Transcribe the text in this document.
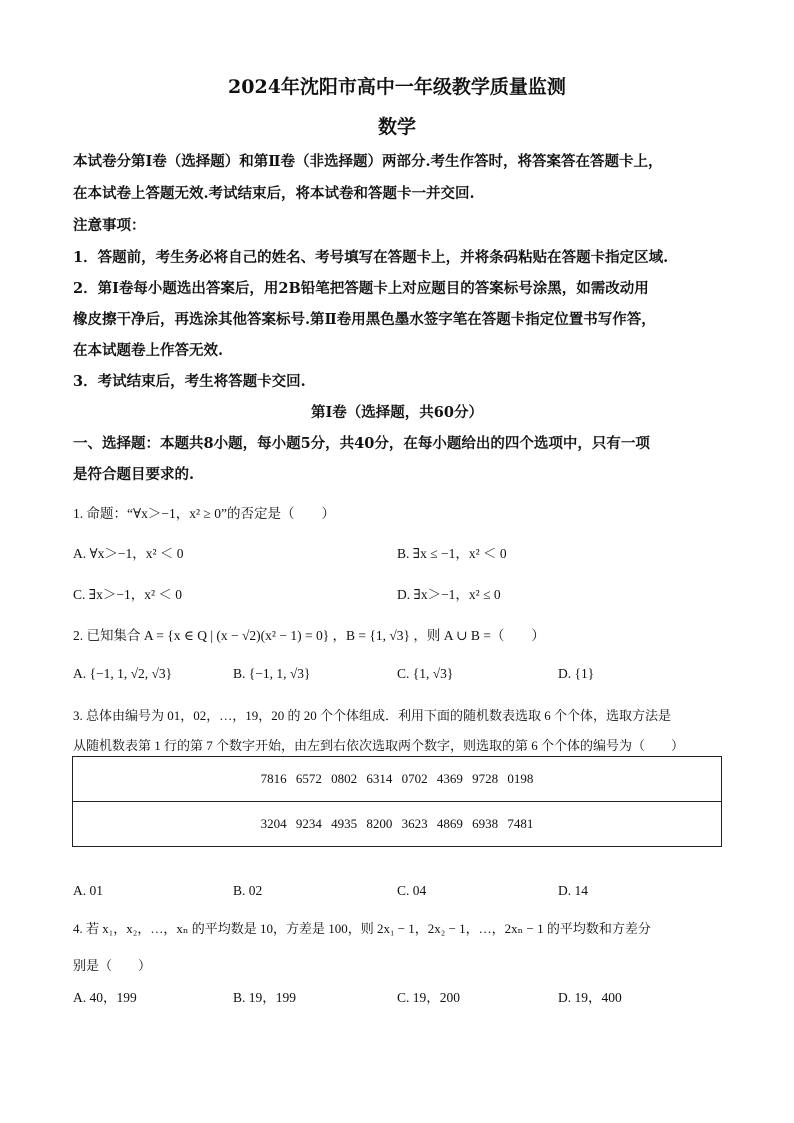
2024年沈阳市高中一年级教学质量监测
数学
本试卷分第Ⅰ卷（选择题）和第Ⅱ卷（非选择题）两部分.考生作答时，将答案答在答题卡上，
在本试卷上答题无效.考试结束后，将本试卷和答题卡一并交回.
注意事项：
1．答题前，考生务必将自己的姓名、考号填写在答题卡上，并将条码粘贴在答题卡指定区域.
2．第Ⅰ卷每小题选出答案后，用2B铅笔把答题卡上对应题目的答案标号涂黑，如需改动用
橡皮擦干净后，再选涂其他答案标号.第Ⅱ卷用黑色墨水签字笔在答题卡指定位置书写作答，
在本试题卷上作答无效.
3．考试结束后，考生将答题卡交回.
第Ⅰ卷（选择题，共60分）
一、选择题：本题共8小题，每小题5分，共40分，在每小题给出的四个选项中，只有一项
是符合题目要求的.
1. 命题：“∀x＞−1，x² ≥ 0”的否定是（　　）
A. ∀x＞−1，x² ＜ 0	B. ∃x ≤ −1，x² ＜ 0
C. ∃x＞−1，x² ＜ 0	D. ∃x＞−1，x² ≤ 0
2. 已知集合 A = {x ∈ Q | (x − √2)(x² − 1) = 0} ，B = {1, √3} ，则 A ∪ B =（　　）
A. {−1, 1, √2, √3}	B. {−1, 1, √3}	C. {1, √3}	D. {1}
3. 总体由编号为 01，02，…，19，20 的 20 个个体组成．利用下面的随机数表选取 6 个个体，选取方法是
从随机数表第 1 行的第 7 个数字开始，由左到右依次选取两个数字，则选取的第 6 个个体的编号为（　　）
7816 6572 0802 6314 0702 4369 9728 0198
3204 9234 4935 8200 3623 4869 6938 7481
A. 01	B. 02	C. 04	D. 14
4. 若 x₁，x₂，…，xₙ 的平均数是 10，方差是 100，则 2x₁ − 1，2x₂ − 1，…，2xₙ − 1 的平均数和方差分
别是（　　）
A. 40，199	B. 19，199	C. 19，200	D. 19，400
